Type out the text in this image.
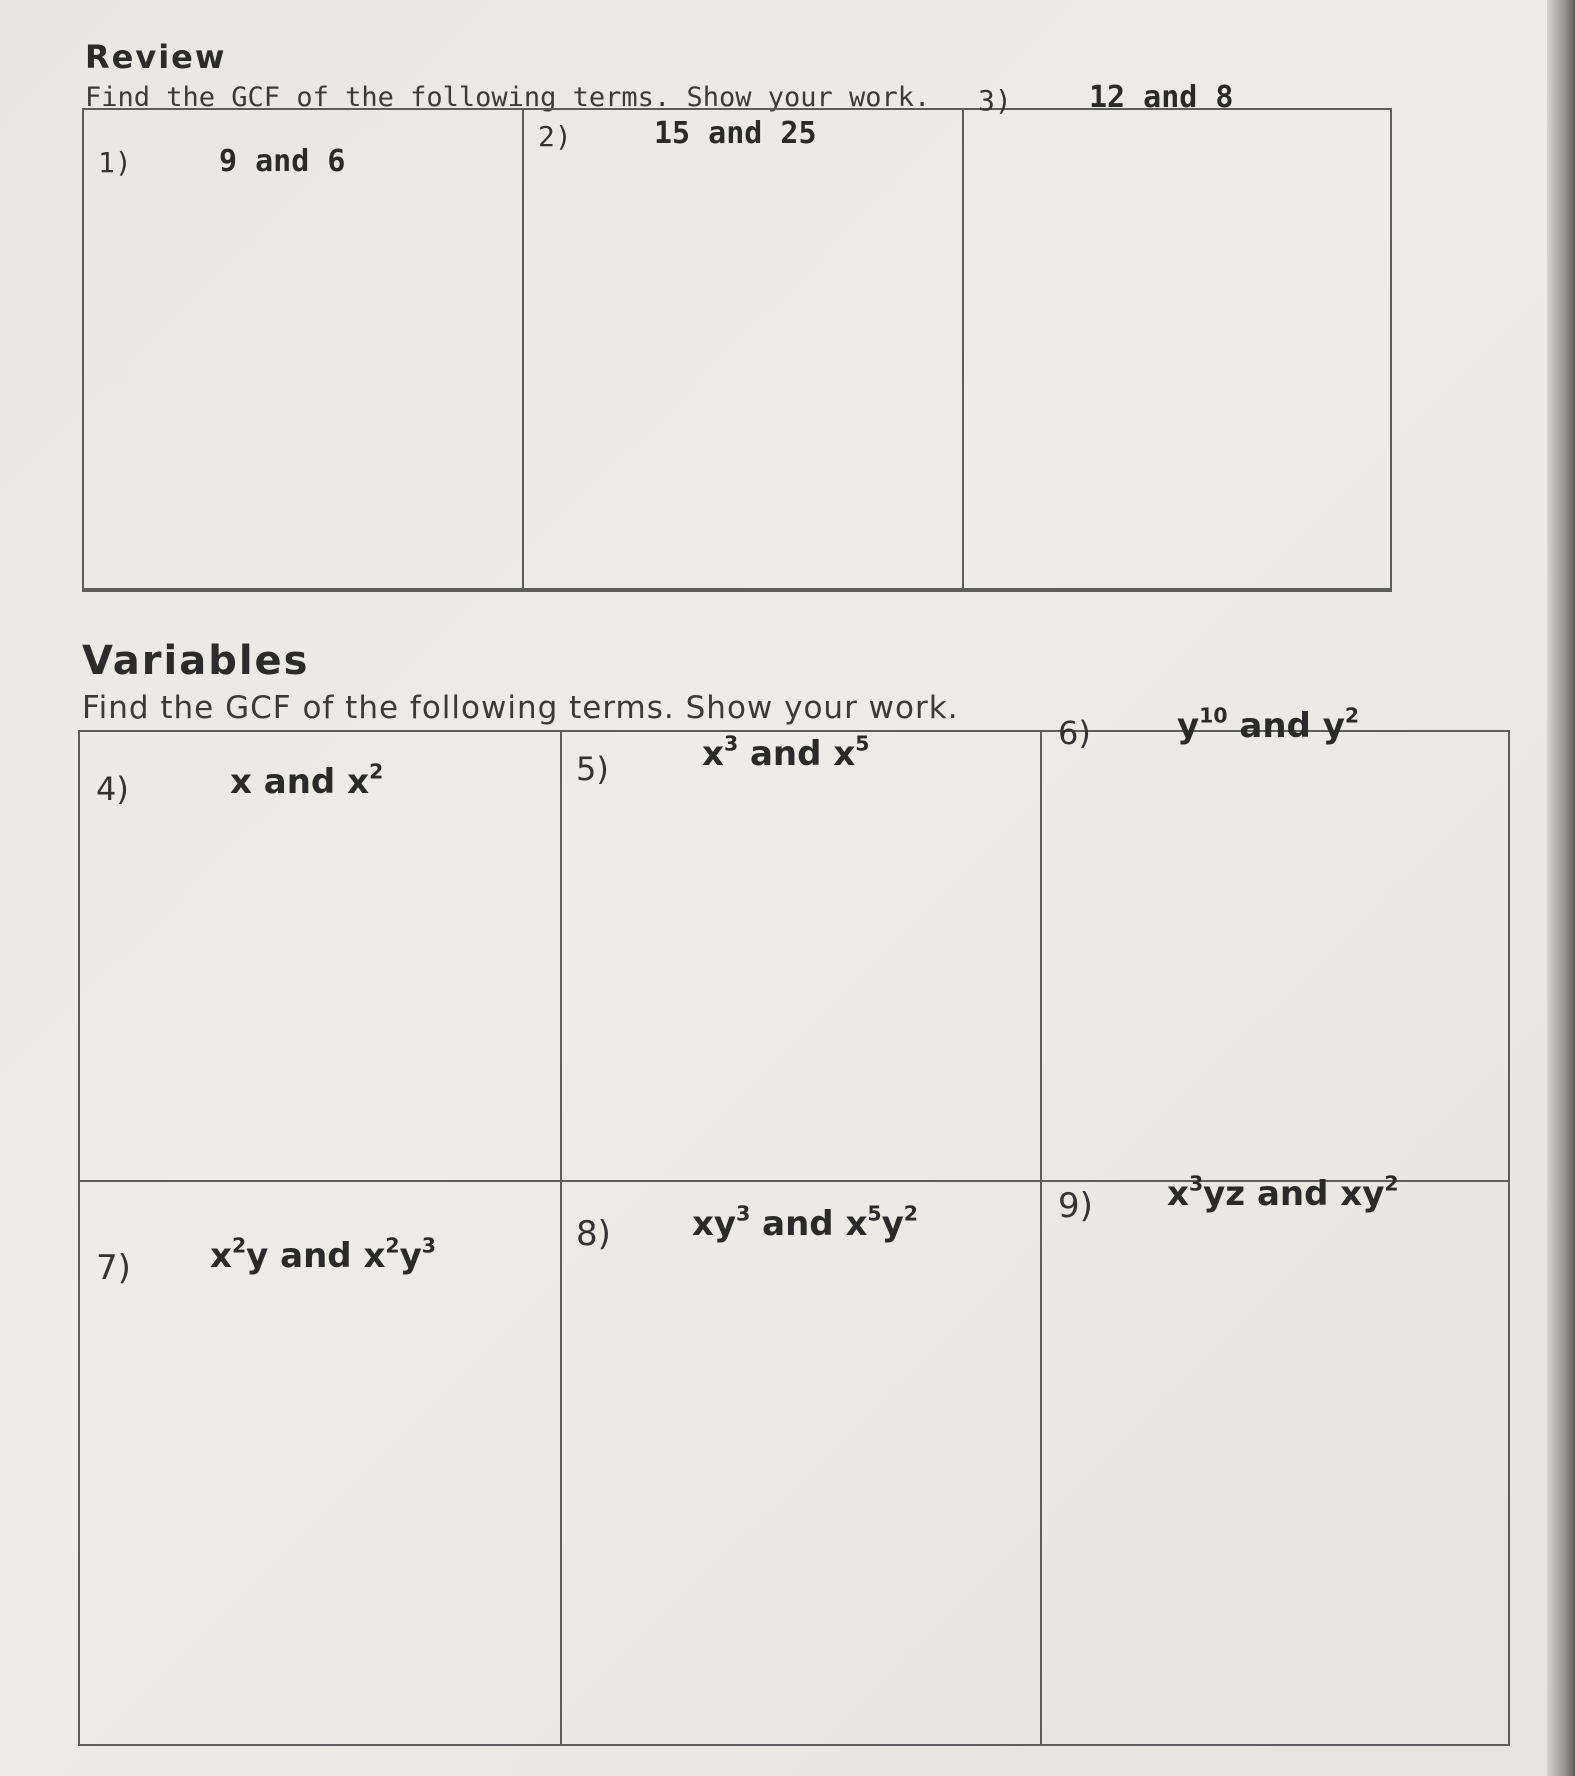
Review
Find the GCF of the following terms. Show your work.
1)	9 and 6
2)	15 and 25
3)	12 and 8
Variables
Find the GCF of the following terms. Show your work.
4)	x and $x^2$	5)	$x^3$ and $x^5$	6)	$y^{10}$ and $y^2$
7) $x^2y$ and $x^2y^3$	8) $xy^3$ and $x^5y^2$	9) $x^3yz$ and $xy^2$
